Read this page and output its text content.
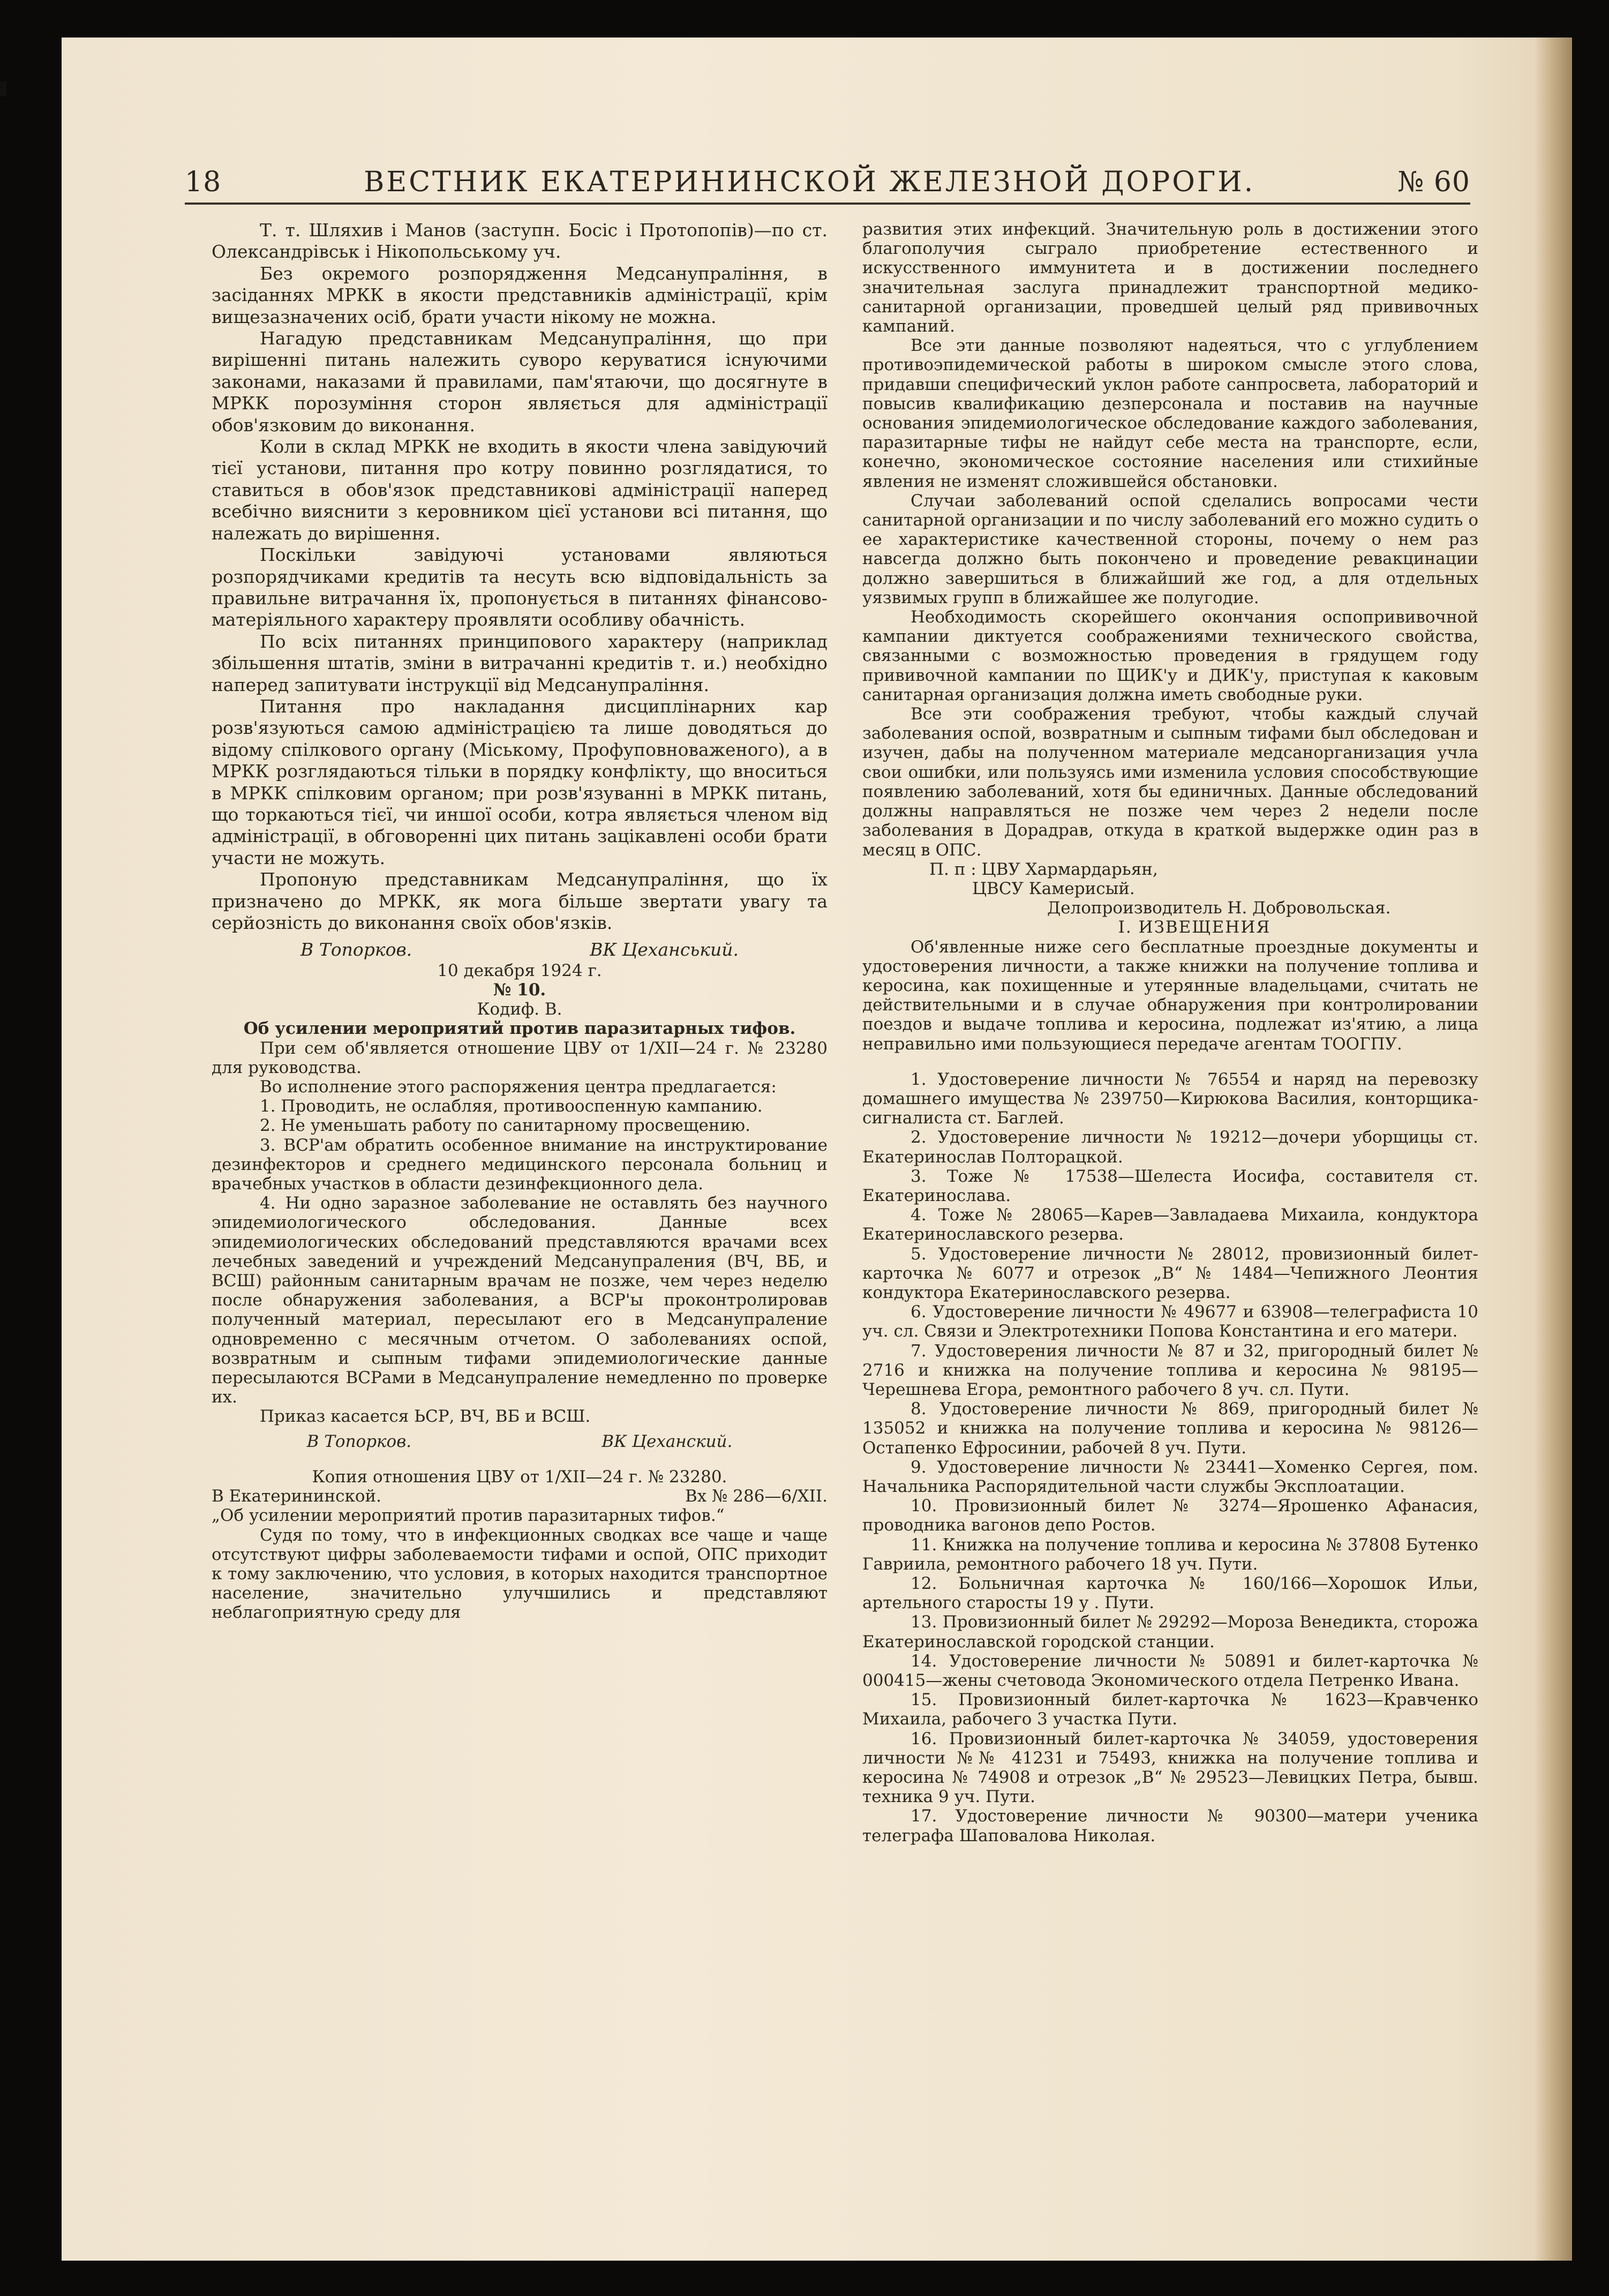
18	ВЕСТНИК ЕКАТЕРИНИНСКОЙ ЖЕЛЕЗНОЙ ДОРОГИ.	№ 60

Т. т. Шляхив і Манов (заступн. Босіс і Протопопів)—по ст. Олександрівськ і Нікопольському уч.

Без окремого розпорядження Медсанупраління, в засіданнях МРКК в якости представників адміністрації, крім вищезазначених осіб, брати участи нікому не можна.

Нагадую представникам Медсанупраління, що при вирішенні питань належить суворо керуватися існуючими законами, наказами й правилами, пам'ятаючи, що досягнуте в МРКК порозуміння сторон являється для адміністрації обов'язковим до виконання.

Коли в склад МРКК не входить в якости члена завідуючий тієї установи, питання про котру повинно розглядатися, то ставиться в обов'язок представникові адміністрації наперед всебічно вияснити з керовником цієї установи всі питання, що належать до вирішення.

Поскільки завідуючі установами являються розпорядчиками кредитів та несуть всю відповідальність за правильне витрачання їх, пропонується в питаннях фінансово-матеріяльного характеру проявляти особливу обачність.

По всіх питаннях принципового характеру (наприклад збільшення штатів, зміни в витрачанні кредитів т. и.) необхідно наперед запитувати інструкції від Медсанупраління.

Питання про накладання дисциплінарних кар розв'язуються самою адміністрацією та лише доводяться до відому спілкового органу (Міському, Профуповноваженого), а в МРКК розглядаються тільки в порядку конфлікту, що вноситься в МРКК спілковим органом; при розв'язуванні в МРКК питань, що торкаються тієї, чи иншої особи, котра являється членом від адміністрації, в обговоренні цих питань зацікавлені особи брати участи не можуть.

Пропоную представникам Медсанупраління, що їх призначено до МРКК, як мога більше звертати увагу та серйозність до виконання своїх обов'язків.

В Топорков.	ВК Цеханський.

10 декабря 1924 г.

№ 10.

Кодиф. В.

Об усилении мероприятий против паразитарных тифов.

При сем об'является отношение ЦВУ от 1/XII—24 г. № 23280 для руководства.

Во исполнение этого распоряжения центра предлагается:

1. Проводить, не ослабляя, противооспенную кампанию.

2. Не уменьшать работу по санитарному просвещению.

3. ВСР'ам обратить особенное внимание на инструктирование дезинфекторов и среднего медицинского персонала больниц и врачебных участков в области дезинфекционного дела.

4. Ни одно заразное заболевание не оставлять без научного эпидемиологического обследования. Данные всех эпидемиологических обследований представляются врачами всех лечебных заведений и учреждений Медсанупраления (ВЧ, ВБ, и ВСШ) районным санитарным врачам не позже, чем через неделю после обнаружения заболевания, а ВСР'ы проконтролировав полученный материал, пересылают его в Медсанупраление одновременно с месячным отчетом. О заболеваниях оспой, возвратным и сыпным тифами эпидемиологические данные пересылаются ВСРами в Медсанупраление немедленно по проверке их.

Приказ касается ЬСР, ВЧ, ВБ и ВСШ.

В Топорков.	ВК Цеханский.

Копия отношения ЦВУ от 1/XII—24 г. № 23280.

В Екатерининской.	Вх № 286—6/XII.

„Об усилении мероприятий против паразитарных тифов.“

Судя по тому, что в инфекционных сводках все чаще и чаще отсутствуют цифры заболеваемости тифами и оспой, ОПС приходит к тому заключению, что условия, в которых находится транспортное население, значительно улучшились и представляют неблагоприятную среду для

развития этих инфекций. Значительную роль в достижении этого благополучия сыграло приобретение естественного и искусственного иммунитета и в достижении последнего значительная заслуга принадлежит транспортной медико-санитарной организации, проведшей целый ряд прививочных кампаний.

Все эти данные позволяют надеяться, что с углублением противоэпидемической работы в широком смысле этого слова, придавши специфический уклон работе санпросвета, лабораторий и повысив квалификацию дезперсонала и поставив на научные основания эпидемиологическое обследование каждого заболевания, паразитарные тифы не найдут себе места на транспорте, если, конечно, экономическое состояние населения или стихийные явления не изменят сложившейся обстановки.

Случаи заболеваний оспой сделались вопросами чести санитарной организации и по числу заболеваний его можно судить о ее характеристике качественной стороны, почему о нем раз навсегда должно быть покончено и проведение ревакцинации должно завершиться в ближайший же год, а для отдельных уязвимых групп в ближайшее же полугодие.

Необходимость скорейшего окончания оспопрививочной кампании диктуется соображениями технического свойства, связанными с возможностью проведения в грядущем году прививочной кампании по ЩИК'у и ДИК'у, приступая к каковым санитарная организация должна иметь свободные руки.

Все эти соображения требуют, чтобы каждый случай заболевания оспой, возвратным и сыпным тифами был обследован и изучен, дабы на полученном материале медсанорганизация учла свои ошибки, или пользуясь ими изменила условия способствующие появлению заболеваний, хотя бы единичных. Данные обследований должны направляться не позже чем через 2 недели после заболевания в Дорадрав, откуда в краткой выдержке один раз в месяц в ОПС.

П. п : ЦВУ Хармардарьян,

ЦВСУ Камерисый.

Делопроизводитель Н. Добровольская.

I. ИЗВЕЩЕНИЯ

Об'явленные ниже сего бесплатные проездные документы и удостоверения личности, а также книжки на получение топлива и керосина, как похищенные и утерянные владельцами, считать не действительными и в случае обнаружения при контролировании поездов и выдаче топлива и керосина, подлежат из'ятию, а лица неправильно ими пользующиеся передаче агентам ТООГПУ.

1. Удостоверение личности № 76554 и наряд на перевозку домашнего имущества № 239750—Кирюкова Василия, конторщика-сигналиста ст. Баглей.

2. Удостоверение личности № 19212—дочери уборщицы ст. Екатеринослав Полторацкой.

3. Тоже № 17538—Шелеста Иосифа, составителя ст. Екатеринослава.

4. Тоже № 28065—Карев—Завладаева Михаила, кондуктора Екатеринославского резерва.

5. Удостоверение личности № 28012, провизионный билет-карточка № 6077 и отрезок „В“ № 1484—Чепижного Леонтия кондуктора Екатеринославского резерва.

6. Удостоверение личности № 49677 и 63908—телеграфиста 10 уч. сл. Связи и Электротехники Попова Константина и его матери.

7. Удостоверения личности № 87 и 32, пригородный билет № 2716 и книжка на получение топлива и керосина № 98195—Черешнева Егора, ремонтного рабочего 8 уч. сл. Пути.

8. Удостоверение личности № 869, пригородный билет № 135052 и книжка на получение топлива и керосина № 98126—Остапенко Ефросинии, рабочей 8 уч. Пути.

9. Удостоверение личности № 23441—Хоменко Сергея, пом. Начальника Распорядительной части службы Эксплоатации.

10. Провизионный билет № 3274—Ярошенко Афанасия, проводника вагонов депо Ростов.

11. Книжка на получение топлива и керосина № 37808 Бутенко Гавриила, ремонтного рабочего 18 уч. Пути.

12. Больничная карточка № 160/166—Хорошок Ильи, артельного старосты 19 у . Пути.

13. Провизионный билет № 29292—Мороза Венедикта, сторожа Екатеринославской городской станции.

14. Удостоверение личности № 50891 и билет-карточка № 000415—жены счетовода Экономического отдела Петренко Ивана.

15. Провизионный билет-карточка № 1623—Кравченко Михаила, рабочего 3 участка Пути.

16. Провизионный билет-карточка № 34059, удостоверения личности №№ 41231 и 75493, книжка на получение топлива и керосина № 74908 и отрезок „В“ № 29523—Левицких Петра, бывш. техника 9 уч. Пути.

17. Удостоверение личности № 90300—матери ученика телеграфа Шаповалова Николая.
